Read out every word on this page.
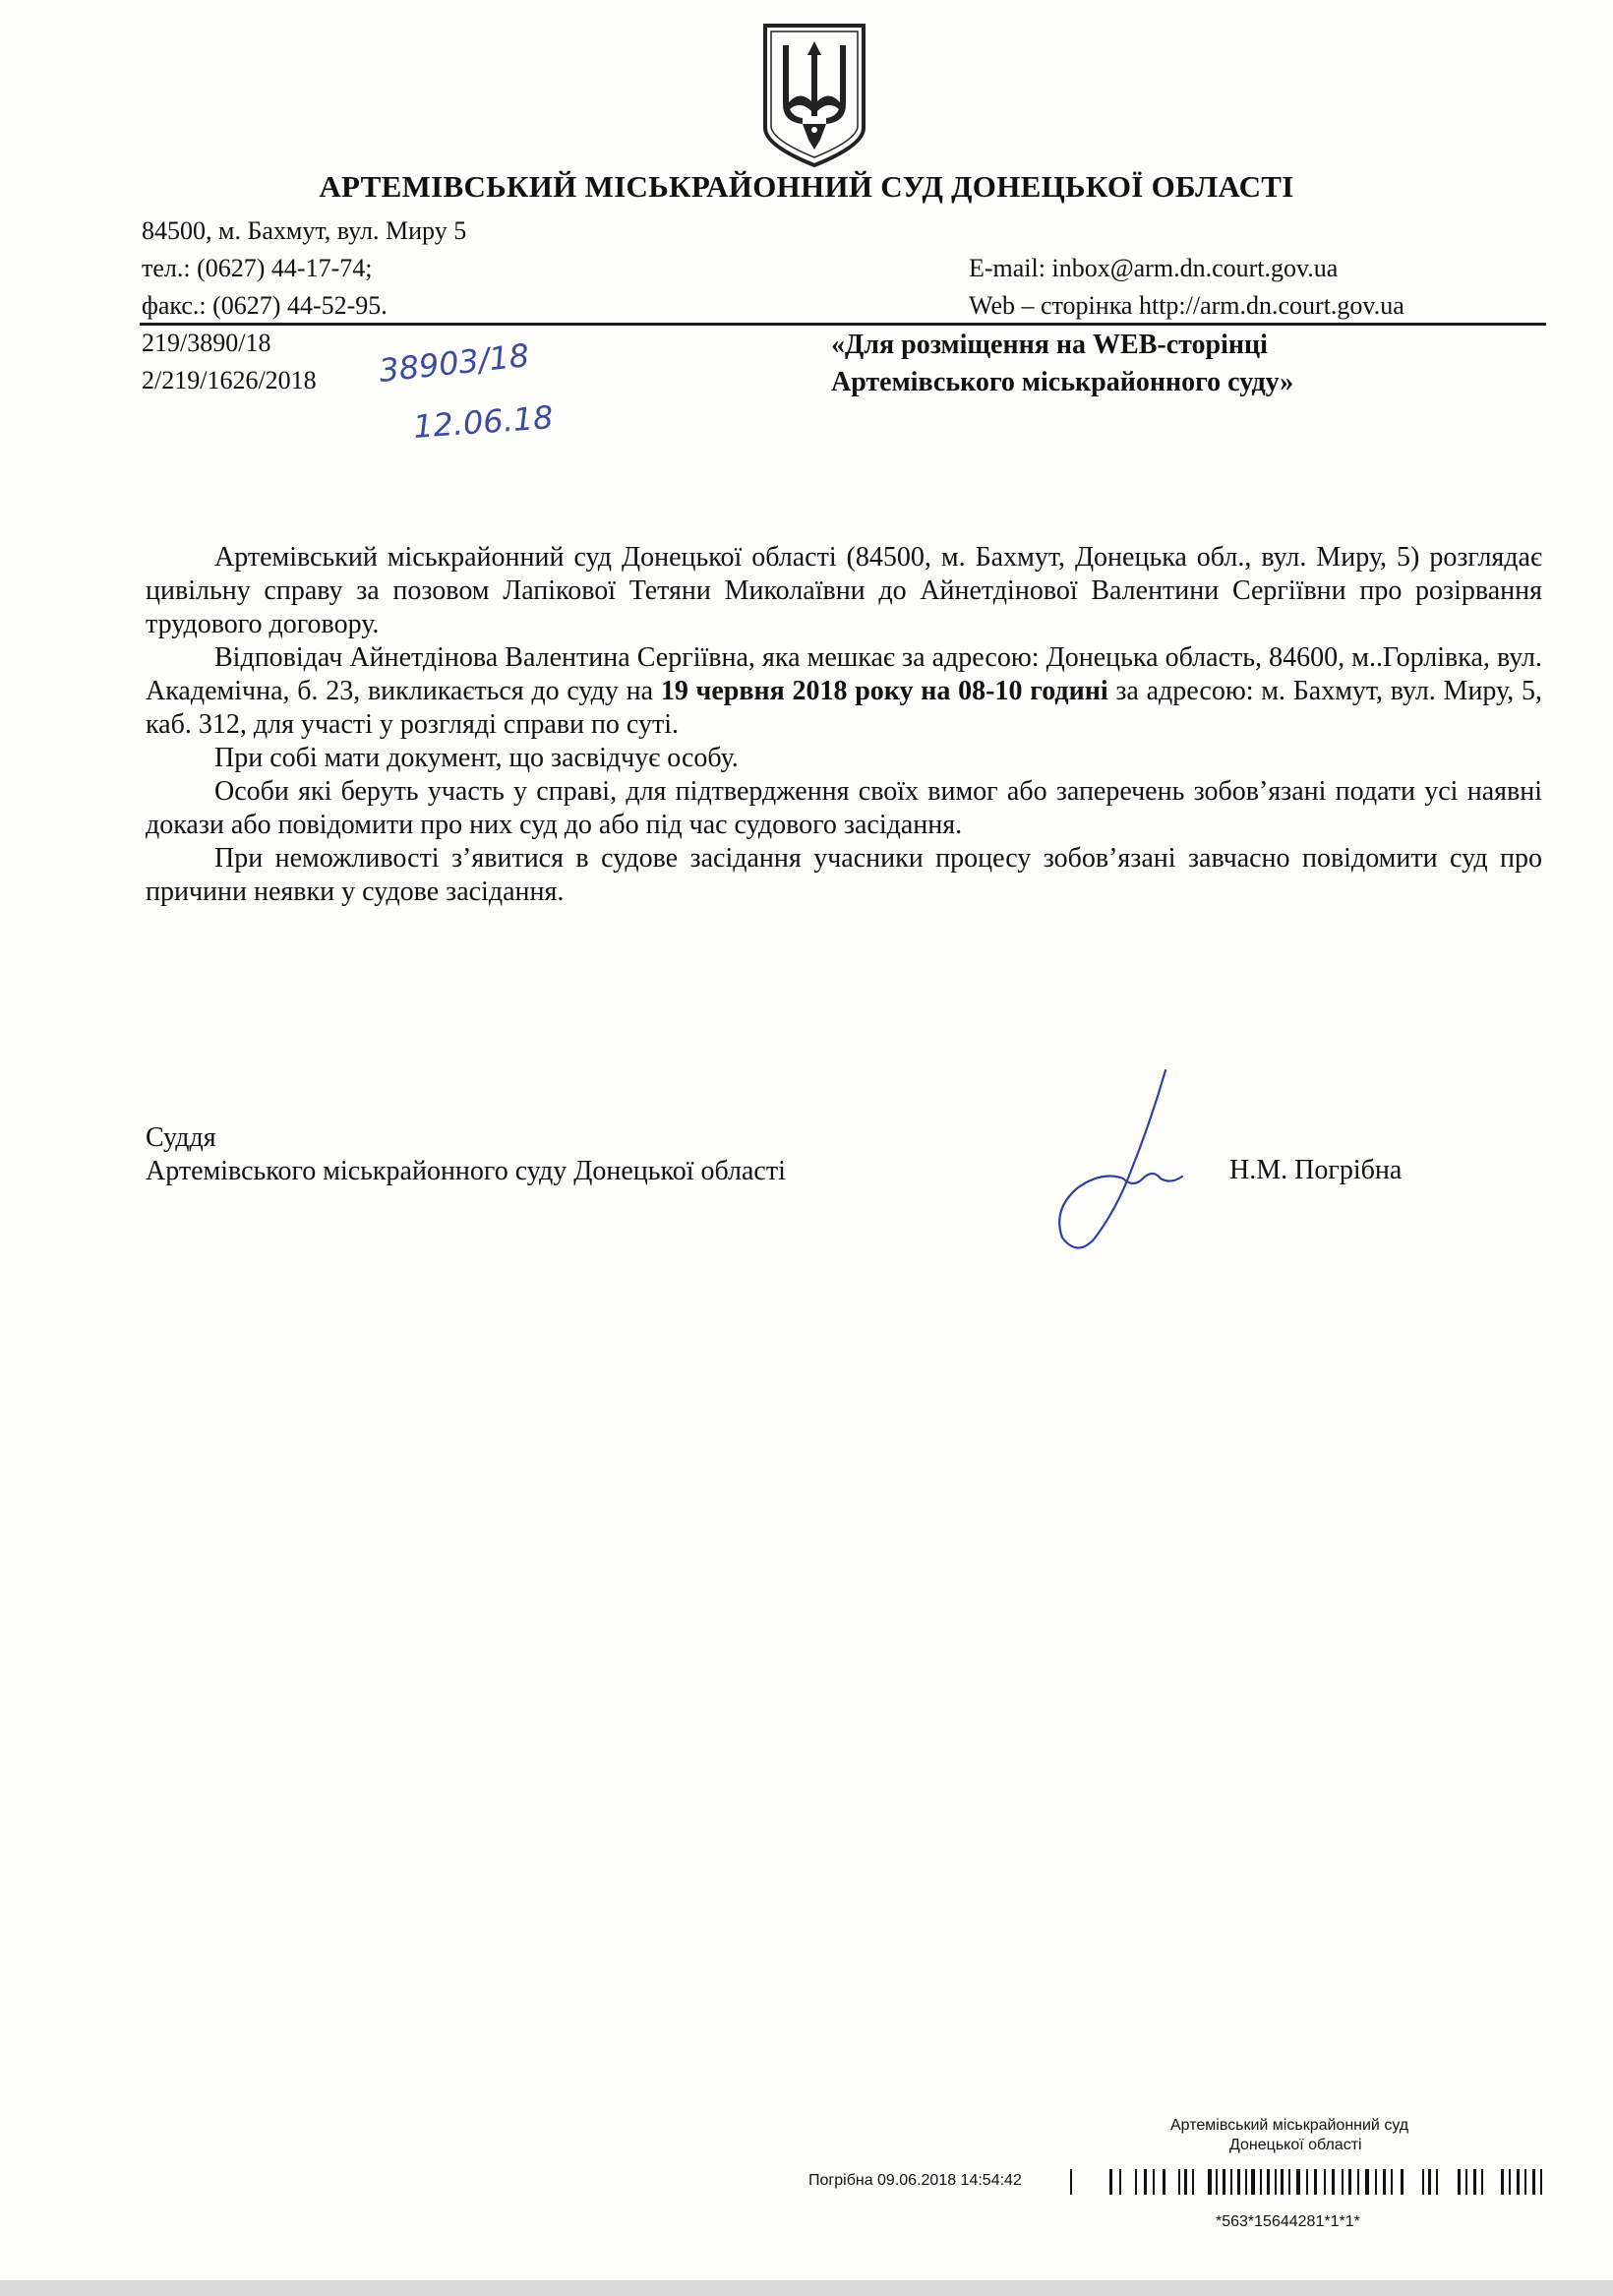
АРТЕМІВСЬКИЙ МІСЬКРАЙОННИЙ СУД ДОНЕЦЬКОЇ ОБЛАСТІ
84500, м. Бахмут, вул. Миру 5
тел.: (0627) 44-17-74;
факс.: (0627) 44-52-95.
E-mail: inbox@arm.dn.court.gov.ua
Web – сторінка http://arm.dn.court.gov.ua
219/3890/18
2/219/1626/2018 38903/18
12.06.18
«Для розміщення на WEB-сторінці
Артемівського міськрайонного суду»

Артемівський міськрайонний суд Донецької області (84500, м. Бахмут, Донецька обл., вул. Миру, 5) розглядає цивільну справу за позовом Лапікової Тетяни Миколаївни до Айнетдінової Валентини Сергіївни про розірвання трудового договору.

Відповідач Айнетдінова Валентина Сергіївна, яка мешкає за адресою: Донецька область, 84600, м..Горлівка, вул. Академічна, б. 23, викликається до суду на 19 червня 2018 року на 08-10 годині за адресою: м. Бахмут, вул. Миру, 5, каб. 312, для участі у розгляді справи по суті.

При собі мати документ, що засвідчує особу.

Особи які беруть участь у справі, для підтвердження своїх вимог або заперечень зобов’язані подати усі наявні докази або повідомити про них суд до або під час судового засідання.

При неможливості з’явитися в судове засідання учасники процесу зобов’язані завчасно повідомити суд про причини неявки у судове засідання.

Суддя
Артемівського міськрайонного суду Донецької області	Н.М. Погрібна
Артемівський міськрайонний суд
Донецької області
Погрібна 09.06.2018 14:54:42
*563*15644281*1*1*
